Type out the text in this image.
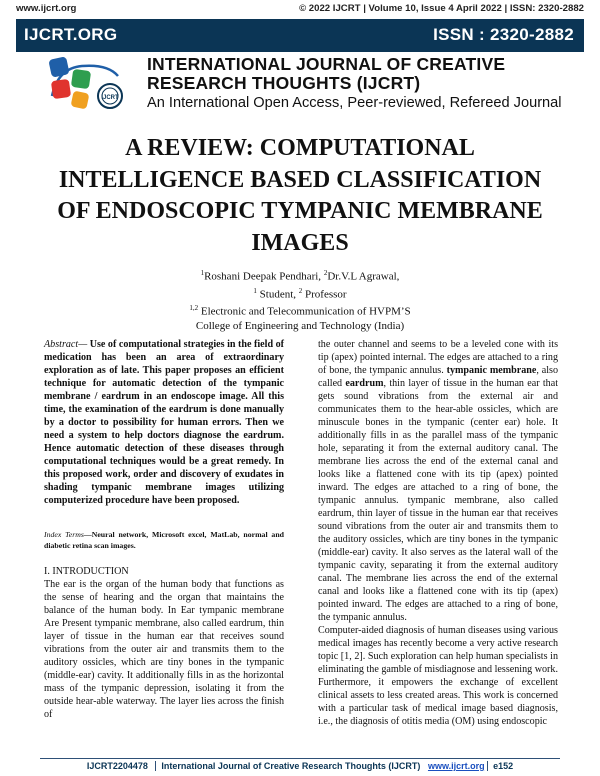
www.ijcrt.org	© 2022 IJCRT | Volume 10, Issue 4 April 2022 | ISSN: 2320-2882
IJCRT.ORG	ISSN : 2320-2882
IJCRT
INTERNATIONAL JOURNAL OF CREATIVE
RESEARCH THOUGHTS (IJCRT)
An International Open Access, Peer-reviewed, Refereed Journal
A REVIEW: COMPUTATIONAL INTELLIGENCE BASED CLASSIFICATION OF ENDOSCOPIC TYMPANIC MEMBRANE IMAGES
$^1$Roshani Deepak Pendhari, $^2$Dr.V.L Agrawal,
$^1$ Student, $^2$ Professor
$^{1,2}$ Electronic and Telecommunication of HVPM’S
College of Engineering and Technology (India)
Abstract— Use of computational strategies in the field of medication has been an area of extraordinary exploration as of late. This paper proposes an efficient technique for automatic detection of the tympanic membrane / eardrum in an endoscope image. All this time, the examination of the eardrum is done manually by a doctor to possibility for human errors. Then we need a system to help doctors diagnose the eardrum. Hence automatic detection of these diseases through computational techniques would be a great remedy. In this proposed work, order and discovery of exudates in shading tympanic membrane images utilizing computerized procedure have been proposed.
Index Terms—Neural network, Microsoft excel, MatLab, normal and diabetic retina scan images.
I. INTRODUCTION

The ear is the organ of the human body that functions as the sense of hearing and the organ that maintains the balance of the human body. In Ear tympanic membrane Are Present tympanic membrane, also called eardrum, thin layer of tissue in the human ear that receives sound vibrations from the outer air and transmits them to the auditory ossicles, which are tiny bones in the tympanic (middle-ear) cavity. It additionally fills in as the horizontal mass of the tympanic depression, isolating it from the outside hear-able waterway. The layer lies across the finish of

the outer channel and seems to be a leveled cone with its tip (apex) pointed internal. The edges are attached to a ring of bone, the tympanic annulus. tympanic membrane, also called eardrum, thin layer of tissue in the human ear that gets sound vibrations from the external air and communicates them to the hear-able ossicles, which are minuscule bones in the tympanic (center ear) hole. It additionally fills in as the parallel mass of the tympanic hole, separating it from the external auditory canal. The membrane lies across the end of the external canal and looks like a flattened cone with its tip (apex) pointed inward. The edges are attached to a ring of bone, the tympanic annulus. tympanic membrane, also called eardrum, thin layer of tissue in the human ear that receives sound vibrations from the outer air and transmits them to the auditory ossicles, which are tiny bones in the tympanic (middle-ear) cavity. It also serves as the lateral wall of the tympanic cavity, separating it from the external auditory canal. The membrane lies across the end of the external canal and looks like a flattened cone with its tip (apex) pointed inward. The edges are attached to a ring of bone, the tympanic annulus.

Computer-aided diagnosis of human diseases using various medical images has recently become a very active research topic [1, 2]. Such exploration can help human specialists in eliminating the gamble of misdiagnose and lessening work. Furthermore, it empowers the exchange of excellent clinical assets to less created areas. This work is concerned with a particular task of medical image based diagnosis, i.e., the diagnosis of otitis media (OM) using endoscopic

IJCRT2204478 International Journal of Creative Research Thoughts (IJCRT) www.ijcrt.org e152
